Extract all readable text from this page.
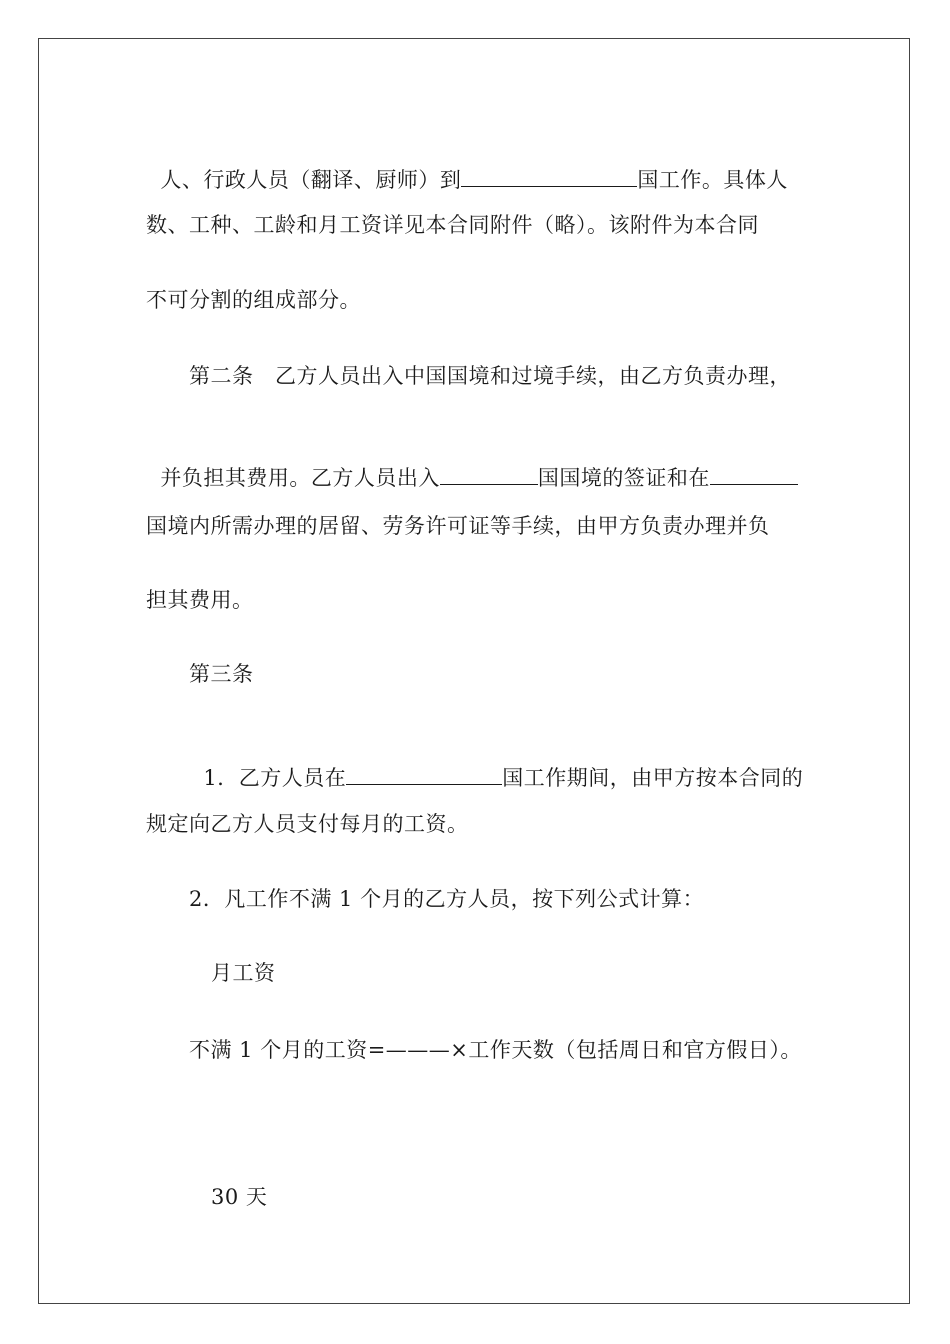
人、行政人员（翻译、厨师）到	国工作。具体人

数、工种、工龄和月工资详见本合同附件（略）。该附件为本合同
不可分割的组成部分。
第二条　乙方人员出入中国国境和过境手续，由乙方负责办理，

并负担其费用。乙方人员出入	国国境的签证和在

国境内所需办理的居留、劳务许可证等手续，由甲方负责办理并负
担其费用。
第三条

1．乙方人员在	国工作期间，由甲方按本合同的

规定向乙方人员支付每月的工资。
2．凡工作不满 1 个月的乙方人员，按下列公式计算：
月工资
不满 1 个月的工资=———×工作天数（包括周日和官方假日）。
30 天
